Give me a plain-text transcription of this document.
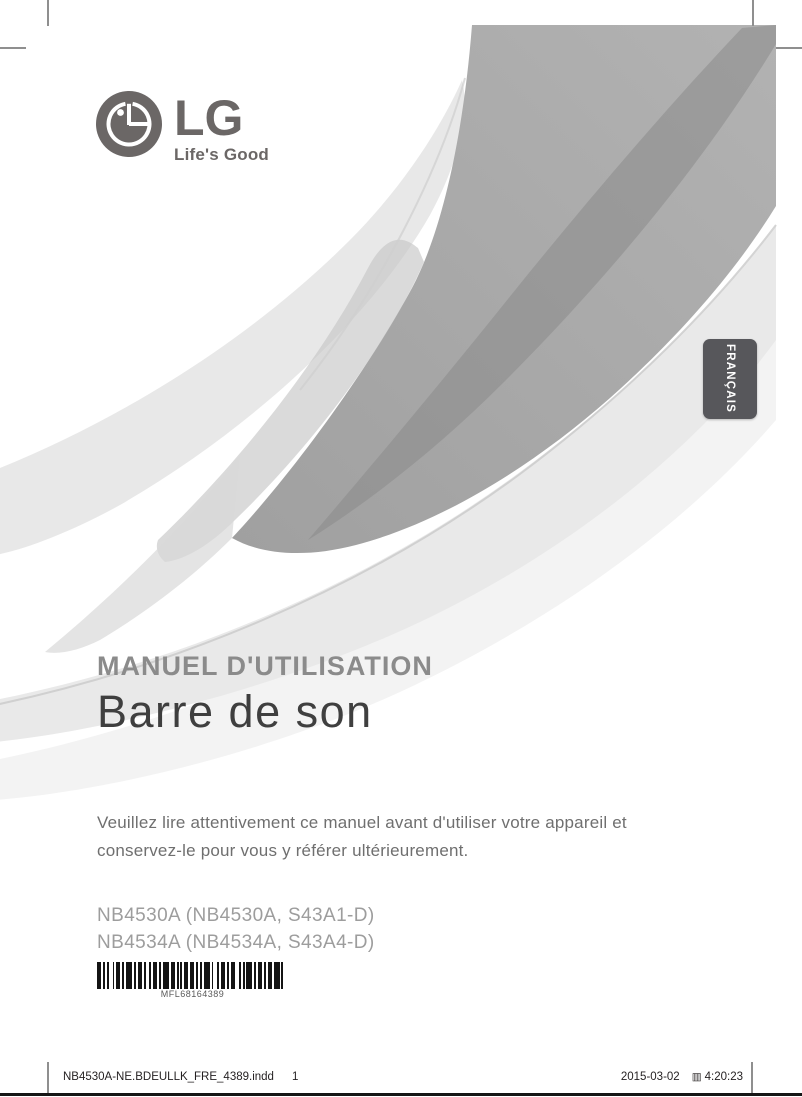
LG
Life's Good
FRANÇAIS
MANUEL D'UTILISATION
Barre de son
Veuillez lire attentivement ce manuel avant d'utiliser votre appareil et
conservez-le pour vous y référer ultérieurement.
NB4530A (NB4530A, S43A1-D)
NB4534A (NB4534A, S43A4-D)
MFL68164389
NB4530A-NE.BDEULLK_FRE_4389.indd 1	2015-03-02 ▥ 4:20:23
